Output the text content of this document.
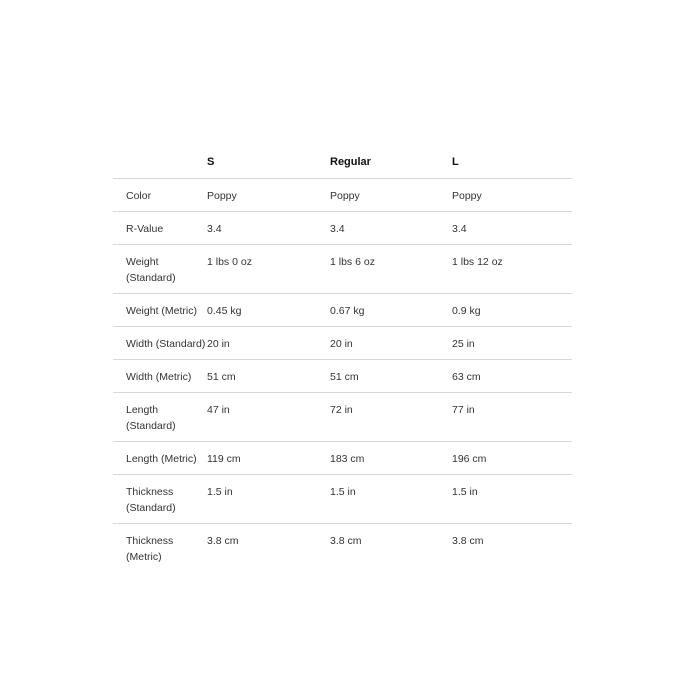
	S	Regular	L
Color	Poppy	Poppy	Poppy
R-Value	3.4	3.4	3.4
Weight (Standard)	1 lbs 0 oz	1 lbs 6 oz	1 lbs 12 oz
Weight (Metric)	0.45 kg	0.67 kg	0.9 kg
Width (Standard)	20 in	20 in	25 in
Width (Metric)	51 cm	51 cm	63 cm
Length (Standard)	47 in	72 in	77 in
Length (Metric)	119 cm	183 cm	196 cm
Thickness (Standard)	1.5 in	1.5 in	1.5 in
Thickness (Metric)	3.8 cm	3.8 cm	3.8 cm
